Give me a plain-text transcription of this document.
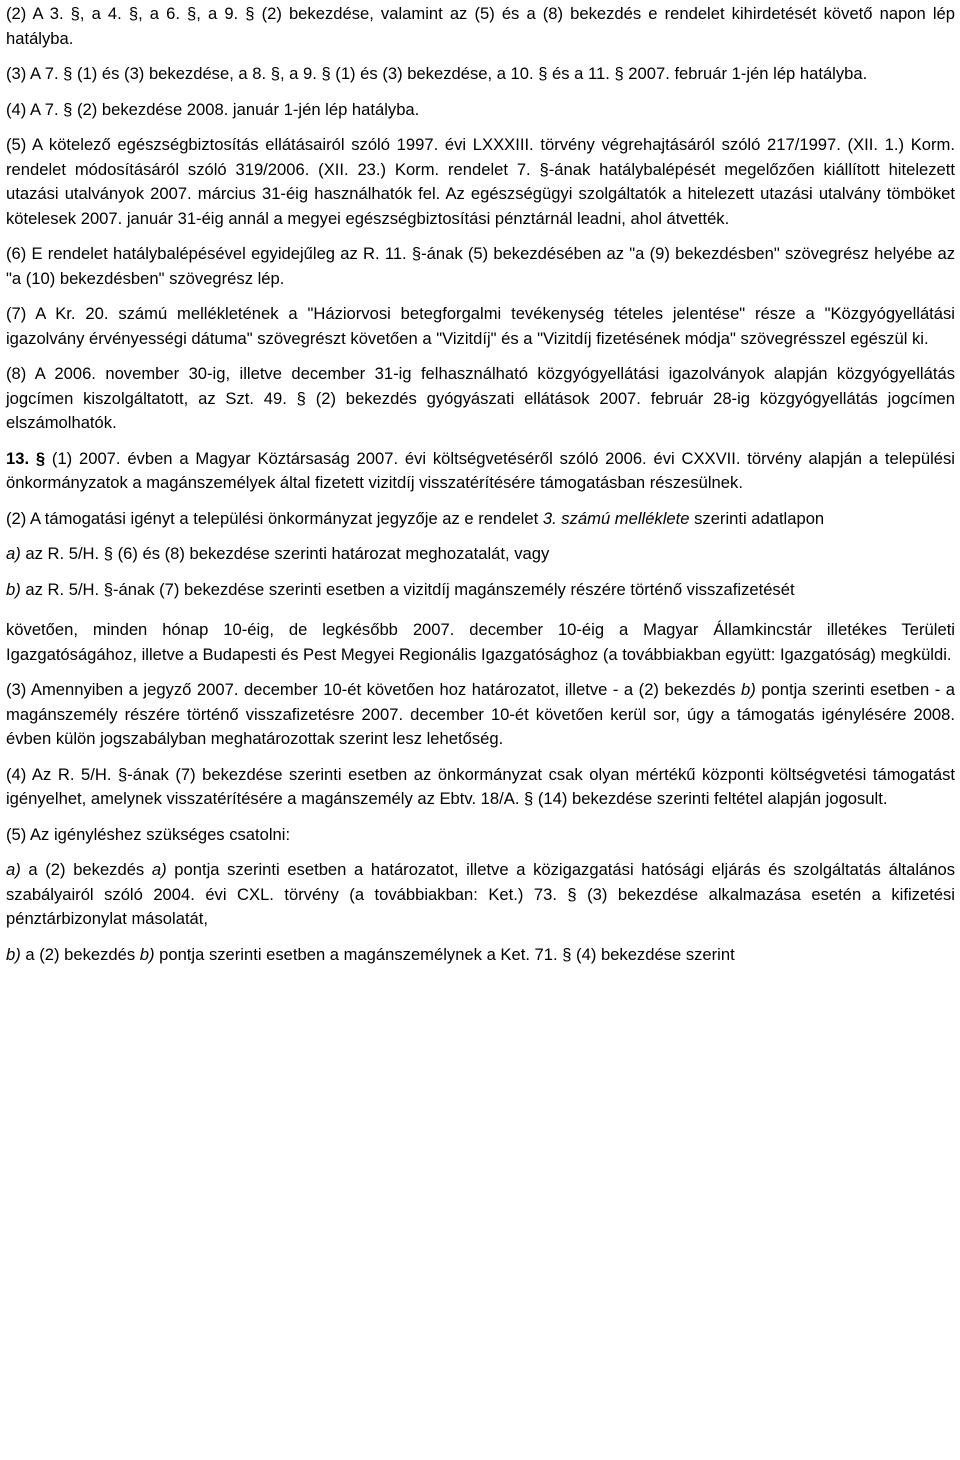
(2) A 3. §, a 4. §, a 6. §, a 9. § (2) bekezdése, valamint az (5) és a (8) bekezdés e rendelet kihirdetését követő napon lép hatályba.

(3) A 7. § (1) és (3) bekezdése, a 8. §, a 9. § (1) és (3) bekezdése, a 10. § és a 11. § 2007. február 1-jén lép hatályba.

(4) A 7. § (2) bekezdése 2008. január 1-jén lép hatályba.

(5) A kötelező egészségbiztosítás ellátásairól szóló 1997. évi LXXXIII. törvény végrehajtásáról szóló 217/1997. (XII. 1.) Korm. rendelet módosításáról szóló 319/2006. (XII. 23.) Korm. rendelet 7. §-ának hatálybalépését megelőzően kiállított hitelezett utazási utalványok 2007. március 31-éig használhatók fel. Az egészségügyi szolgáltatók a hitelezett utazási utalvány tömböket kötelesek 2007. január 31-éig annál a megyei egészségbiztosítási pénztárnál leadni, ahol átvették.

(6) E rendelet hatálybalépésével egyidejűleg az R. 11. §-ának (5) bekezdésében az "a (9) bekezdésben" szövegrész helyébe az "a (10) bekezdésben" szövegrész lép.

(7) A Kr. 20. számú mellékletének a "Háziorvosi betegforgalmi tevékenység tételes jelentése" része a "Közgyógyellátási igazolvány érvényességi dátuma" szövegrészt követően a "Vizitdíj" és a "Vizitdíj fizetésének módja" szövegrésszel egészül ki.

(8) A 2006. november 30-ig, illetve december 31-ig felhasználható közgyógyellátási igazolványok alapján közgyógyellátás jogcímen kiszolgáltatott, az Szt. 49. § (2) bekezdés gyógyászati ellátások 2007. február 28-ig közgyógyellátás jogcímen elszámolhatók.

13. § (1) 2007. évben a Magyar Köztársaság 2007. évi költségvetéséről szóló 2006. évi CXXVII. törvény alapján a települési önkormányzatok a magánszemélyek által fizetett vizitdíj visszatérítésére támogatásban részesülnek.

(2) A támogatási igényt a települési önkormányzat jegyzője az e rendelet 3. számú melléklete szerinti adatlapon

a) az R. 5/H. § (6) és (8) bekezdése szerinti határozat meghozatalát, vagy

b) az R. 5/H. §-ának (7) bekezdése szerinti esetben a vizitdíj magánszemély részére történő visszafizetését

követően, minden hónap 10-éig, de legkésőbb 2007. december 10-éig a Magyar Államkincstár illetékes Területi Igazgatóságához, illetve a Budapesti és Pest Megyei Regionális Igazgatósághoz (a továbbiakban együtt: Igazgatóság) megküldi.

(3) Amennyiben a jegyző 2007. december 10-ét követően hoz határozatot, illetve - a (2) bekezdés b) pontja szerinti esetben - a magánszemély részére történő visszafizetésre 2007. december 10-ét követően kerül sor, úgy a támogatás igénylésére 2008. évben külön jogszabályban meghatározottak szerint lesz lehetőség.

(4) Az R. 5/H. §-ának (7) bekezdése szerinti esetben az önkormányzat csak olyan mértékű központi költségvetési támogatást igényelhet, amelynek visszatérítésére a magánszemély az Ebtv. 18/A. § (14) bekezdése szerinti feltétel alapján jogosult.

(5) Az igényléshez szükséges csatolni:

a) a (2) bekezdés a) pontja szerinti esetben a határozatot, illetve a közigazgatási hatósági eljárás és szolgáltatás általános szabályairól szóló 2004. évi CXL. törvény (a továbbiakban: Ket.) 73. § (3) bekezdése alkalmazása esetén a kifizetési pénztárbizonylat másolatát,

b) a (2) bekezdés b) pontja szerinti esetben a magánszemélynek a Ket. 71. § (4) bekezdése szerint
